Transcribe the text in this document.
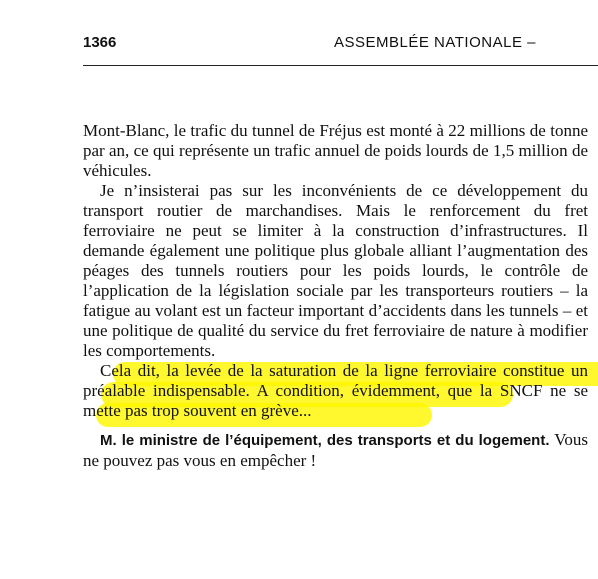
1366	ASSEMBLÉE NATIONALE –

Mont-Blanc, le trafic du tunnel de Fréjus est monté à 22 millions de tonne par an, ce qui représente un trafic annuel de poids lourds de 1,5 million de véhicules.

Je n’insisterai pas sur les inconvénients de ce développement du transport routier de marchandises. Mais le renforcement du fret ferroviaire ne peut se limiter à la construction d’infrastructures. Il demande également une politique plus globale alliant l’augmentation des péages des tunnels routiers pour les poids lourds, le contrôle de l’application de la législation sociale par les transporteurs routiers – la fatigue au volant est un facteur important d’accidents dans les tunnels – et une politique de qualité du service du fret ferroviaire de nature à modifier les comportements.

Cela dit, la levée de la saturation de la ligne ferroviaire constitue un préalable indispensable. A condition, évidemment, que la SNCF ne se mette pas trop souvent en grève...

M. le ministre de l’équipement, des transports et du logement. Vous ne pouvez pas vous en empêcher !
